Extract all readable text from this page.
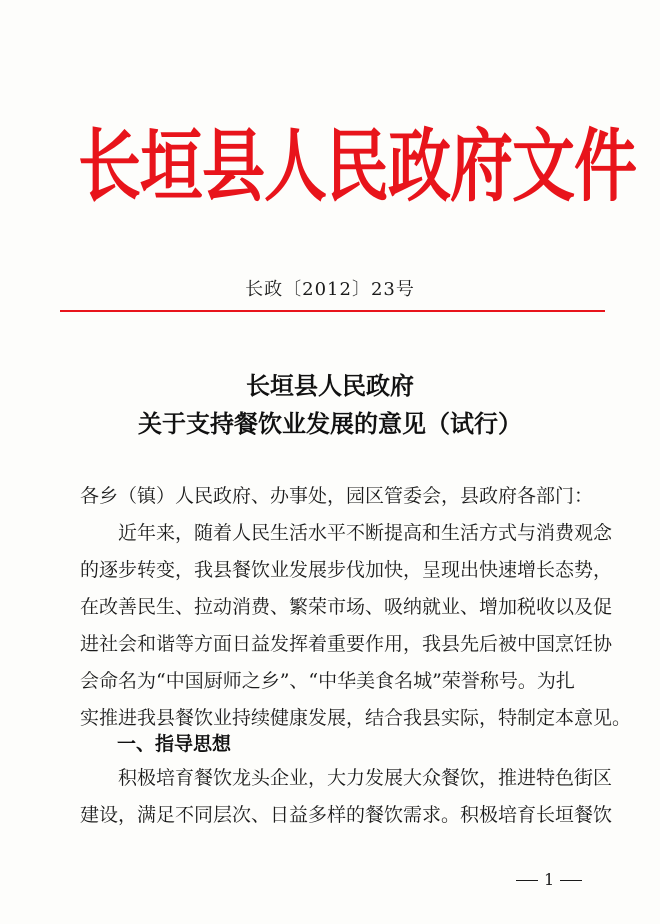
长垣县人民政府文件
长政〔2012〕23号
长垣县人民政府
关于支持餐饮业发展的意见（试行）
各乡（镇）人民政府、办事处，园区管委会，县政府各部门：
　　近年来，随着人民生活水平不断提高和生活方式与消费观念
的逐步转变，我县餐饮业发展步伐加快，呈现出快速增长态势，
在改善民生、拉动消费、繁荣市场、吸纳就业、增加税收以及促
进社会和谐等方面日益发挥着重要作用，我县先后被中国烹饪协
会命名为“中国厨师之乡”、“中华美食名城”荣誉称号。为扎
实推进我县餐饮业持续健康发展，结合我县实际，特制定本意见。
一、指导思想
　　积极培育餐饮龙头企业，大力发展大众餐饮，推进特色街区
建设，满足不同层次、日益多样的餐饮需求。积极培育长垣餐饮
1
